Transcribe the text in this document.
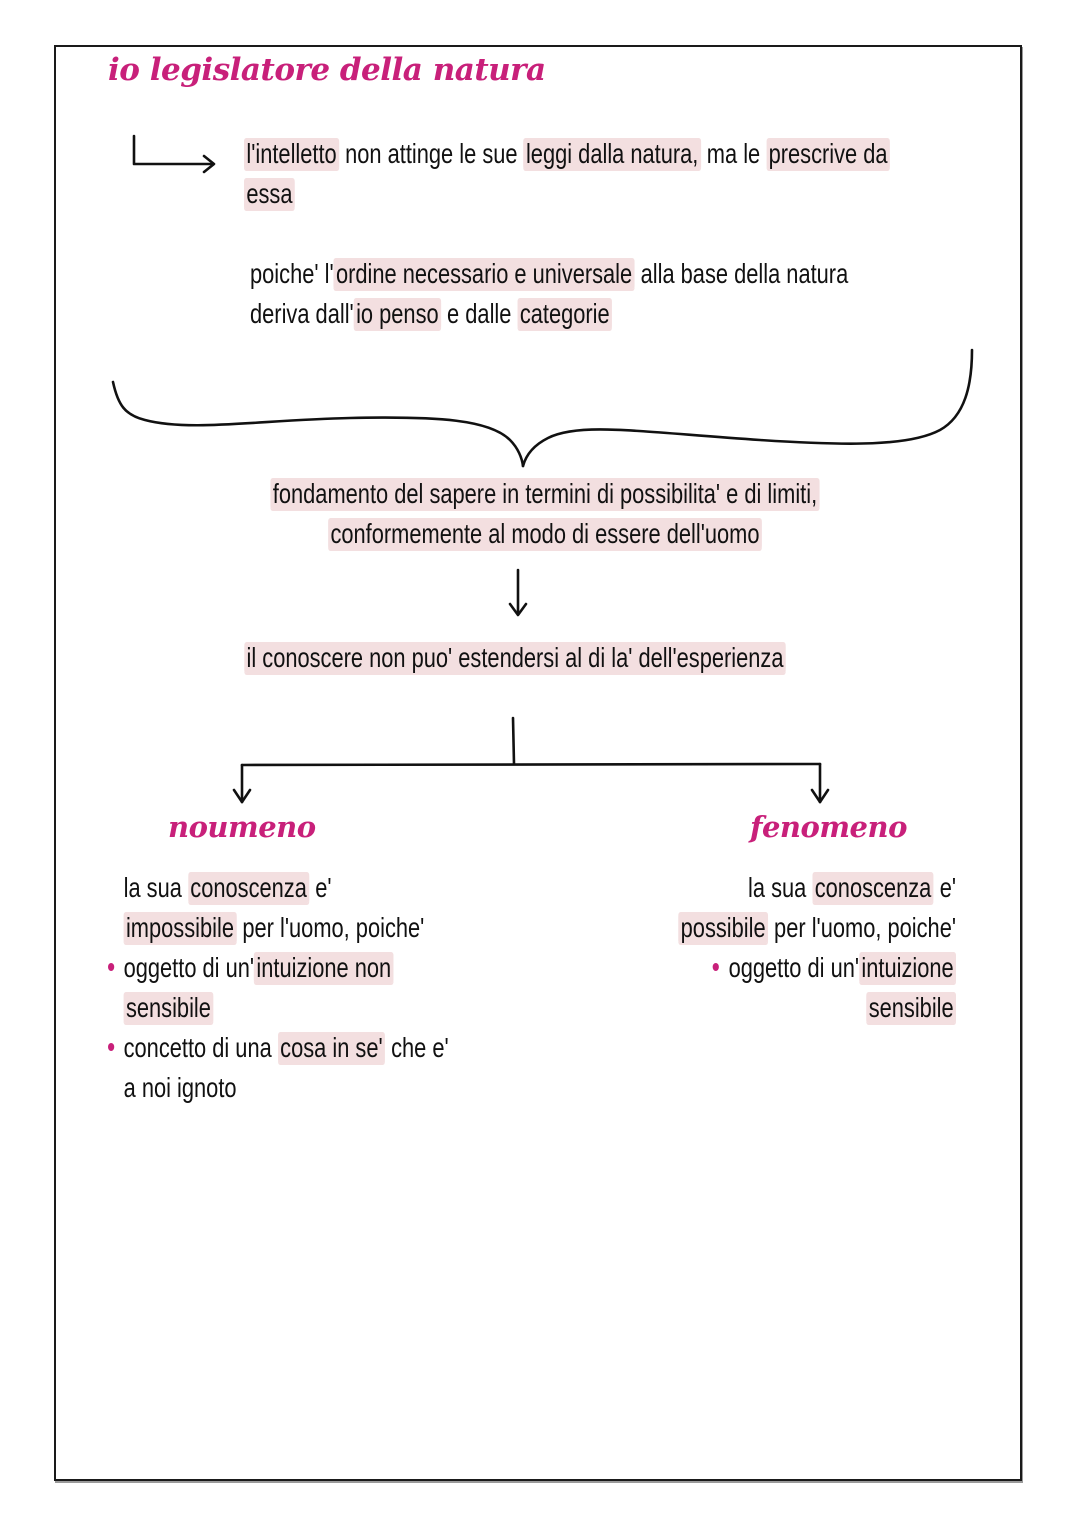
io legislatore della natura
l'intelletto non attinge le sue leggi dalla natura, ma le prescrive da
essa
poiche' l'ordine necessario e universale alla base della natura
deriva dall'io penso e dalle categorie
fondamento del sapere in termini di possibilita' e di limiti,
conformemente al modo di essere dell'uomo
il conoscere non puo' estendersi al di la' dell'esperienza
noumeno
la sua conoscenza e'
impossibile per l'uomo, poiche'
oggetto di un'intuizione non
sensibile
concetto di una cosa in se' che e'
a noi ignoto
fenomeno
la sua conoscenza e'
possibile per l'uomo, poiche'
oggetto di un'intuizione
sensibile
